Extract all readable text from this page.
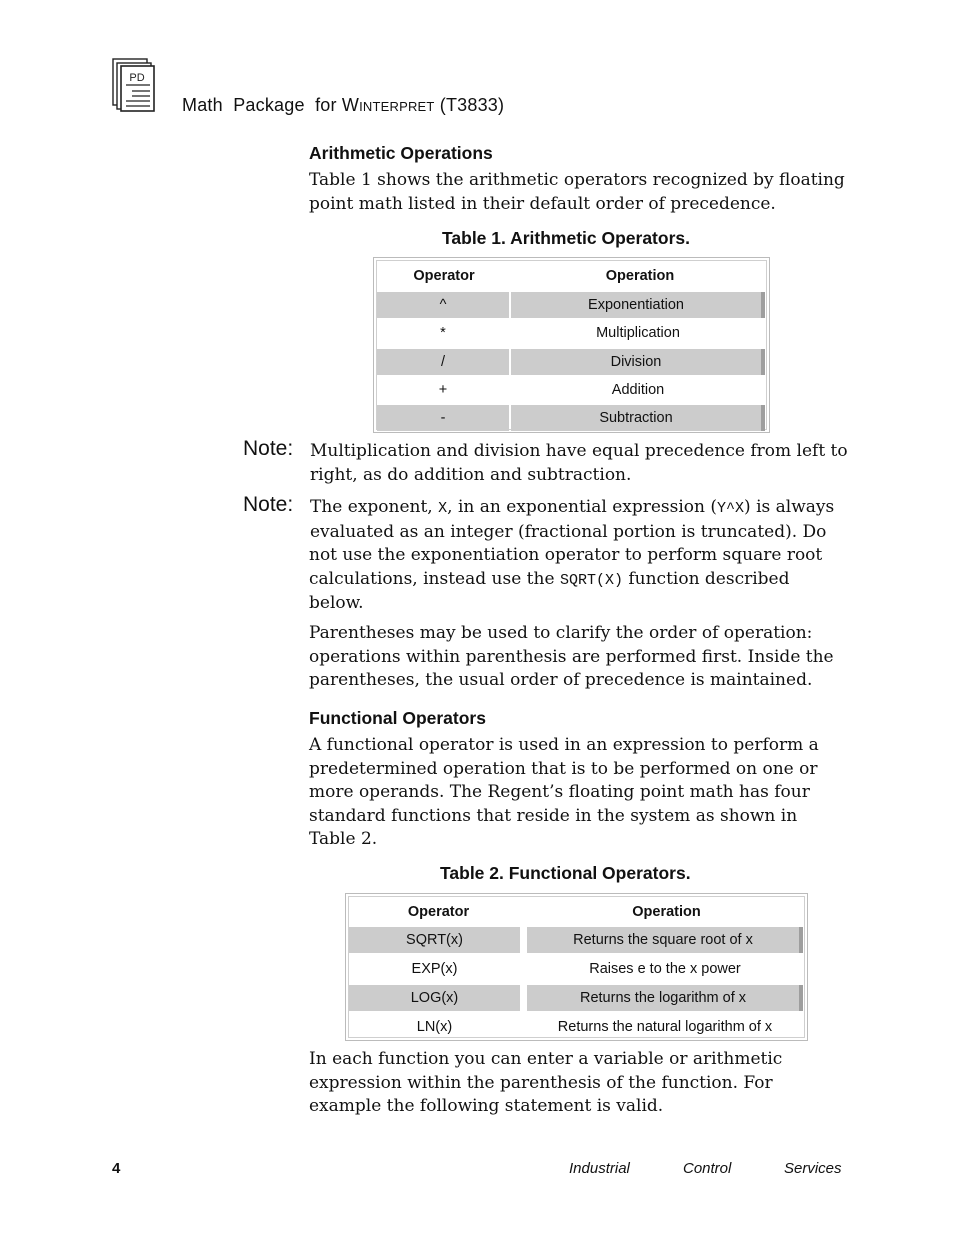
PD
Math  Package  for Winterpret (T3833)
Arithmetic Operations
Table 1 shows the arithmetic operators recognized by floating
point math listed in their default order of precedence.
Table 1. Arithmetic Operators.
Operator	Operation
^	Exponentiation
*	Multiplication
/	Division
+	Addition
-	Subtraction
Note: Multiplication and division have equal precedence from left to
right, as do addition and subtraction.
Note: The exponent, X, in an exponential expression (Y^X) is always
evaluated as an integer (fractional portion is truncated). Do
not use the exponentiation operator to perform square root
calculations, instead use the SQRT(X) function described
below.
Parentheses may be used to clarify the order of operation:
operations within parenthesis are performed first. Inside the
parentheses, the usual order of precedence is maintained.
Functional Operators
A functional operator is used in an expression to perform a
predetermined operation that is to be performed on one or
more operands. The Regent’s floating point math has four
standard functions that reside in the system as shown in
Table 2.
Table 2. Functional Operators.
Operator	Operation
SQRT(x)	Returns the square root of x
EXP(x)	Raises e to the x power
LOG(x)	Returns the logarithm of x
LN(x)	Returns the natural logarithm of x
In each function you can enter a variable or arithmetic
expression within the parenthesis of the function. For
example the following statement is valid.
4	Industrial	Control	Services
